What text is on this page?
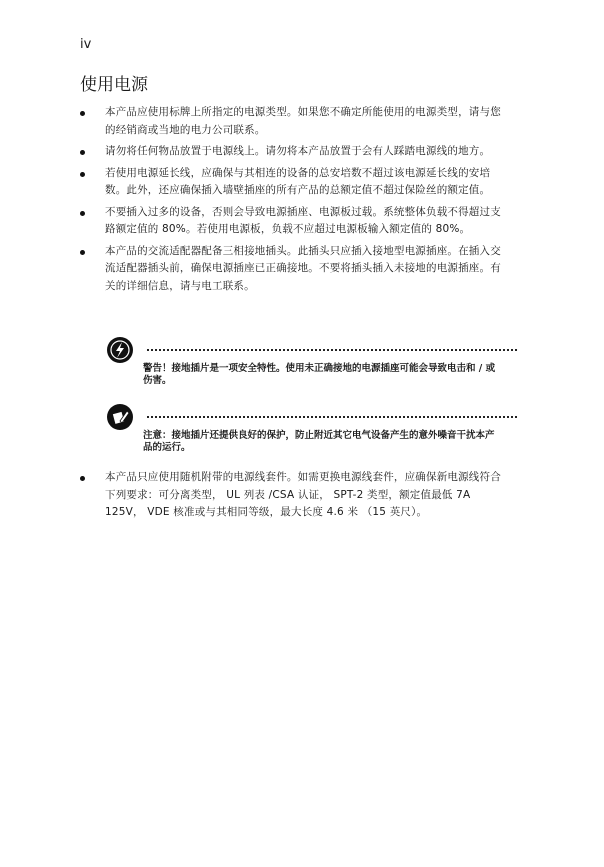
iv
使用电源
本产品应使用标牌上所指定的电源类型。如果您不确定所能使用的电源类型，请与您的经销商或当地的电力公司联系。
请勿将任何物品放置于电源线上。请勿将本产品放置于会有人踩踏电源线的地方。
若使用电源延长线，应确保与其相连的设备的总安培数不超过该电源延长线的安培数。此外，还应确保插入墙壁插座的所有产品的总额定值不超过保险丝的额定值。
不要插入过多的设备，否则会导致电源插座、电源板过载。系统整体负载不得超过支路额定值的 80%。若使用电源板，负载不应超过电源板输入额定值的 80%。
本产品的交流适配器配备三相接地插头。此插头只应插入接地型电源插座。在插入交流适配器插头前，确保电源插座已正确接地。不要将插头插入未接地的电源插座。有关的详细信息，请与电工联系。
警告！接地插片是一项安全特性。使用未正确接地的电源插座可能会导致电击和 / 或伤害。
注意：接地插片还提供良好的保护，防止附近其它电气设备产生的意外噪音干扰本产品的运行。
本产品只应使用随机附带的电源线套件。如需更换电源线套件，应确保新电源线符合下列要求：可分离类型， UL 列表 /CSA 认证， SPT-2 类型，额定值最低 7A 125V， VDE 核准或与其相同等级，最大长度 4.6 米 （15 英尺）。
